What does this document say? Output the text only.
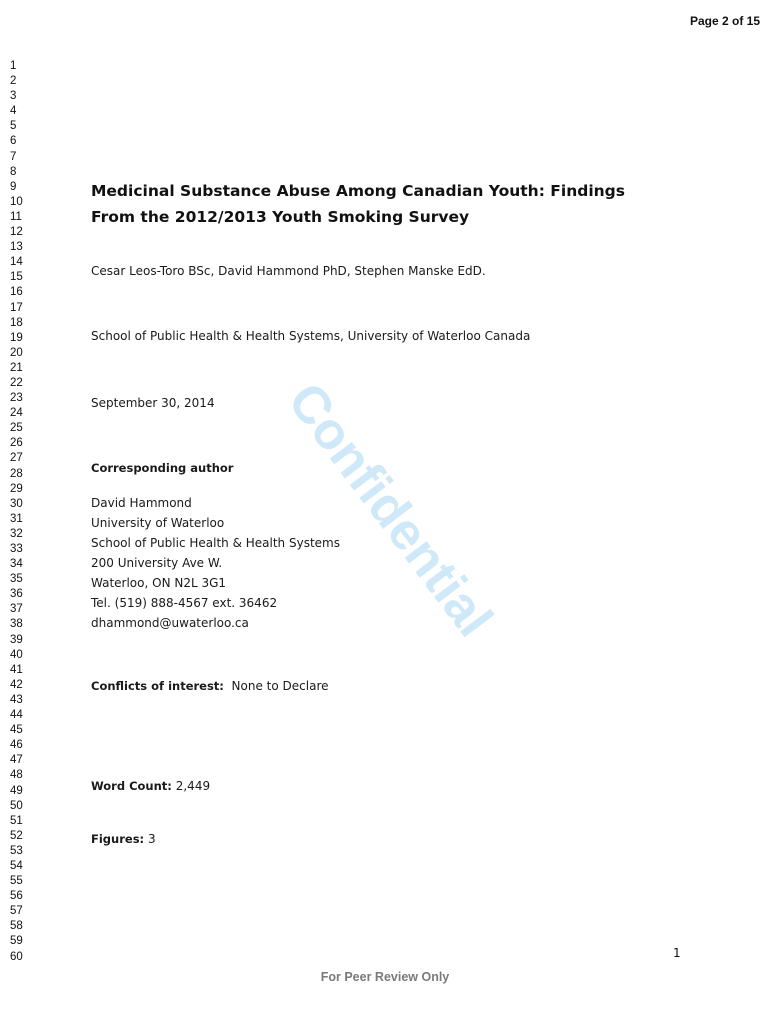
Page 2 of 15
1
2
3
4
5
6
7
8
9
10
11
12
13
14
15
16
17
18
19
20
21
22
23
24
25
26
27
28
29
30
31
32
33
34
35
36
37
38
39
40
41
42
43
44
45
46
47
48
49
50
51
52
53
54
55
56
57
58
59
60
Confidential
Medicinal Substance Abuse Among Canadian Youth: Findings From the 2012/2013 Youth Smoking Survey
Cesar Leos-Toro BSc, David Hammond PhD, Stephen Manske EdD.
School of Public Health & Health Systems, University of Waterloo Canada
September 30, 2014
Corresponding author
David Hammond
University of Waterloo
School of Public Health & Health Systems
200 University Ave W.
Waterloo, ON N2L 3G1
Tel. (519) 888-4567 ext. 36462
dhammond@uwaterloo.ca
Conflicts of interest: None to Declare
Word Count: 2,449
Figures: 3
1
For Peer Review Only
